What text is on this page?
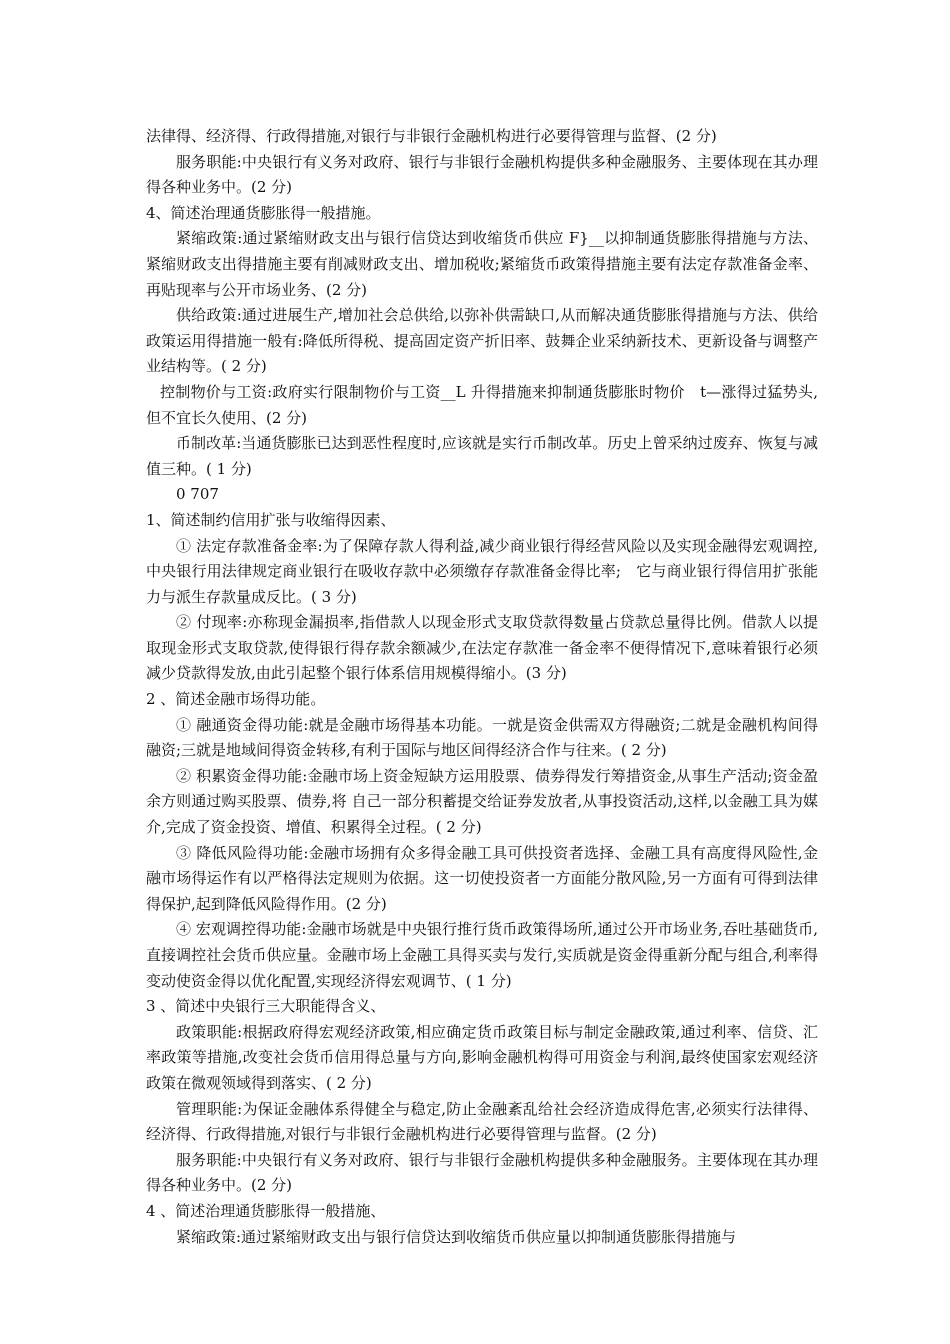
法律得、经济得、行政得措施,对银行与非银行金融机构进行必要得管理与监督、(2 分)

服务职能:中央银行有义务对政府、银行与非银行金融机构提供多种金融服务、主要体现在其办理得各种业务中。(2 分)

4、简述治理通货膨胀得一般措施。

紧缩政策:通过紧缩财政支出与银行信贷达到收缩货币供应 F}__以抑制通货膨胀得措施与方法、紧缩财政支出得措施主要有削减财政支出、增加税收;紧缩货币政策得措施主要有法定存款准备金率、再贴现率与公开市场业务、(2 分)

供给政策:通过进展生产,增加社会总供给,以弥补供需缺口,从而解决通货膨胀得措施与方法、供给政策运用得措施一般有:降低所得税、提高固定资产折旧率、鼓舞企业采纳新技术、更新设备与调整产业结构等。( 2 分)

控制物价与工资:政府实行限制物价与工资__L 升得措施来抑制通货膨胀时物价　t—涨得过猛势头,但不宜长久使用、(2 分)

币制改革:当通货膨胀已达到恶性程度时,应该就是实行币制改革。历史上曾采纳过废弃、恢复与减值三种。( 1 分)

0 707

1、简述制约信用扩张与收缩得因素、

① 法定存款准备金率:为了保障存款人得利益,减少商业银行得经营风险以及实现金融得宏观调控,中央银行用法律规定商业银行在吸收存款中必须缴存存款准备金得比率;　它与商业银行得信用扩张能力与派生存款量成反比。( 3 分)

② 付现率:亦称现金漏损率,指借款人以现金形式支取贷款得数量占贷款总量得比例。借款人以提取现金形式支取贷款,使得银行得存款余额减少,在法定存款准一备金率不便得情况下,意味着银行必须减少贷款得发放,由此引起整个银行体系信用规模得缩小。(3 分)

2 、简述金融市场得功能。

① 融通资金得功能:就是金融市场得基本功能。一就是资金供需双方得融资;二就是金融机构间得融资;三就是地域间得资金转移,有利于国际与地区间得经济合作与往来。( 2 分)

② 积累资金得功能:金融市场上资金短缺方运用股票、债券得发行筹措资金,从事生产活动;资金盈余方则通过购买股票、债券,将 自己一部分积蓄提交给证券发放者,从事投资活动,这样,以金融工具为媒介,完成了资金投资、增值、积累得全过程。( 2 分)

③ 降低风险得功能:金融市场拥有众多得金融工具可供投资者选择、金融工具有高度得风险性,金融市场得运作有以严格得法定规则为依据。这一切使投资者一方面能分散风险,另一方面有可得到法律得保护,起到降低风险得作用。(2 分)

④ 宏观调控得功能:金融市场就是中央银行推行货币政策得场所,通过公开市场业务,吞吐基础货币,直接调控社会货币供应量。金融市场上金融工具得买卖与发行,实质就是资金得重新分配与组合,利率得变动使资金得以优化配置,实现经济得宏观调节、( 1 分)

3 、简述中央银行三大职能得含义、

政策职能:根据政府得宏观经济政策,相应确定货币政策目标与制定金融政策,通过利率、信贷、汇率政策等措施,改变社会货币信用得总量与方向,影响金融机构得可用资金与利润,最终使国家宏观经济政策在微观领域得到落实、( 2 分)

管理职能:为保证金融体系得健全与稳定,防止金融紊乱给社会经济造成得危害,必须实行法律得、经济得、行政得措施,对银行与非银行金融机构进行必要得管理与监督。(2 分)

服务职能:中央银行有义务对政府、银行与非银行金融机构提供多种金融服务。主要体现在其办理得各种业务中。(2 分)

4 、简述治理通货膨胀得一般措施、

紧缩政策:通过紧缩财政支出与银行信贷达到收缩货币供应量以抑制通货膨胀得措施与
